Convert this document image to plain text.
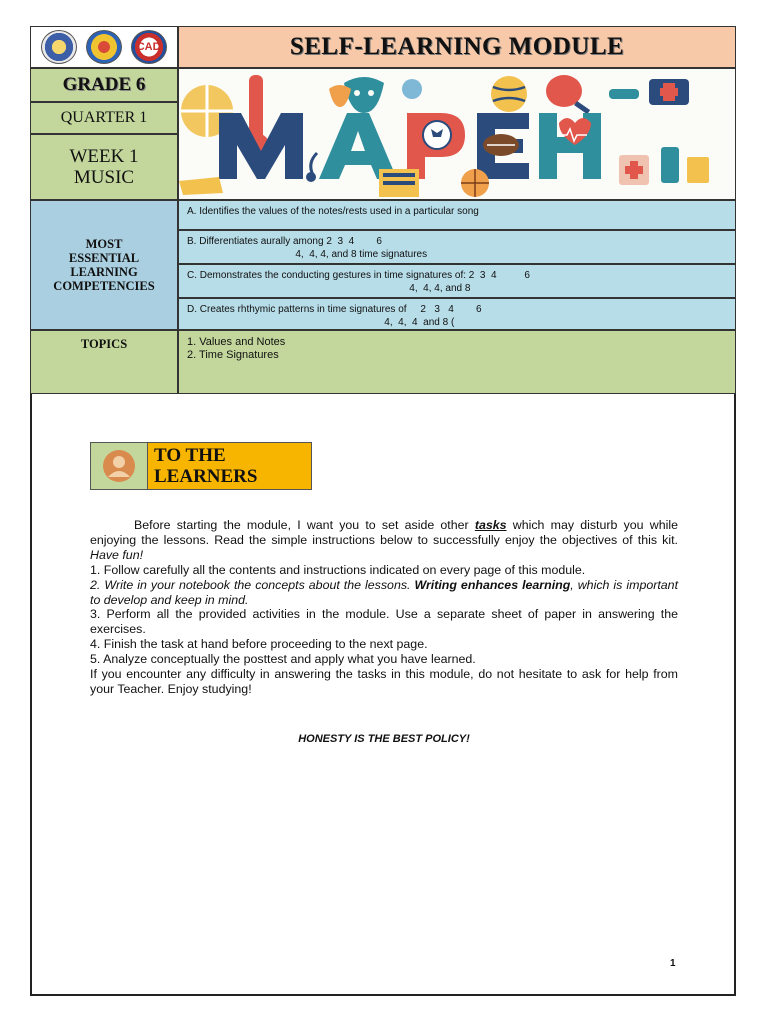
CAD	SELF-LEARNING MODULE
GRADE 6
QUARTER 1
WEEK 1
MUSIC
MOST
ESSENTIAL
LEARNING
COMPETENCIES
A. Identifies the values of the notes/rests used in a particular song
B. Differentiates aurally among 2  3  4        6
4,  4, 4, and 8 time signatures
C. Demonstrates the conducting gestures in time signatures of: 2  3  4          6
4,  4, 4, and 8
D. Creates rhthymic patterns in time signatures of     2   3   4        6
4,  4,  4  and 8 (
TOPICS	1. Values and Notes
2. Time Signatures
TO THE
LEARNERS

Before starting the module, I want you to set aside other tasks which may disturb you while enjoying the lessons. Read the simple instructions below to successfully enjoy the objectives of this kit. Have fun!

1. Follow carefully all the contents and instructions indicated on every page of this module.

2. Write in your notebook the concepts about the lessons. Writing enhances learning, which is important to develop and keep in mind.

3. Perform all the provided activities in the module. Use a separate sheet of paper in answering the exercises.

4. Finish the task at hand before proceeding to the next page.

5. Analyze conceptually the posttest and apply what you have learned.

If you encounter any difficulty in answering the tasks in this module, do not hesitate to ask for help from your Teacher. Enjoy studying!

HONESTY IS THE BEST POLICY!
1
